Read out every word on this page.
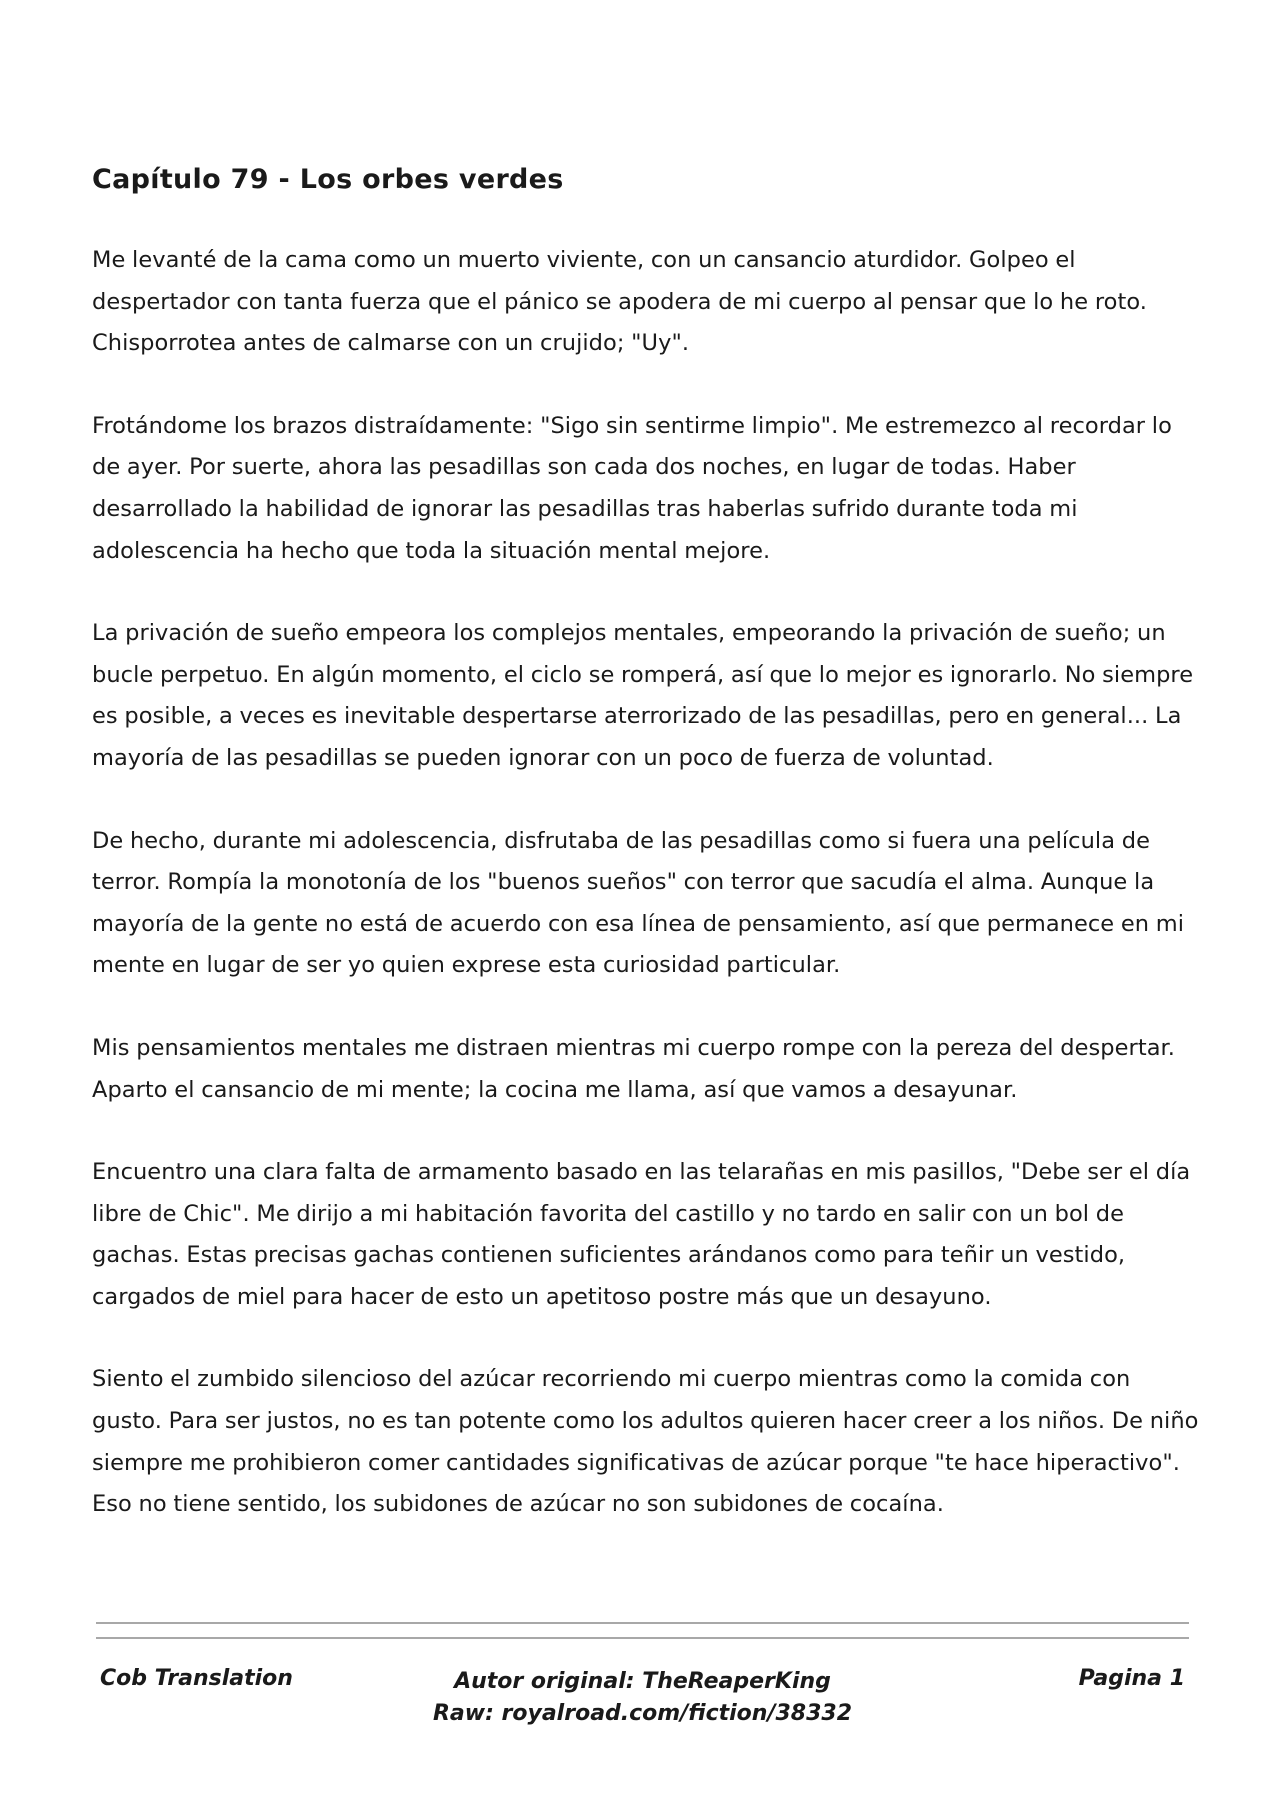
Capítulo 79 - Los orbes verdes

Me levanté de la cama como un muerto viviente, con un cansancio aturdidor. Golpeo el despertador con tanta fuerza que el pánico se apodera de mi cuerpo al pensar que lo he roto. Chisporrotea antes de calmarse con un crujido; "Uy".

Frotándome los brazos distraídamente: "Sigo sin sentirme limpio". Me estremezco al recordar lo de ayer. Por suerte, ahora las pesadillas son cada dos noches, en lugar de todas. Haber desarrollado la habilidad de ignorar las pesadillas tras haberlas sufrido durante toda mi adolescencia ha hecho que toda la situación mental mejore.

La privación de sueño empeora los complejos mentales, empeorando la privación de sueño; un bucle perpetuo. En algún momento, el ciclo se romperá, así que lo mejor es ignorarlo. No siempre es posible, a veces es inevitable despertarse aterrorizado de las pesadillas, pero en general... La mayoría de las pesadillas se pueden ignorar con un poco de fuerza de voluntad.

De hecho, durante mi adolescencia, disfrutaba de las pesadillas como si fuera una película de terror. Rompía la monotonía de los "buenos sueños" con terror que sacudía el alma. Aunque la mayoría de la gente no está de acuerdo con esa línea de pensamiento, así que permanece en mi mente en lugar de ser yo quien exprese esta curiosidad particular.

Mis pensamientos mentales me distraen mientras mi cuerpo rompe con la pereza del despertar. Aparto el cansancio de mi mente; la cocina me llama, así que vamos a desayunar.

Encuentro una clara falta de armamento basado en las telarañas en mis pasillos, "Debe ser el día libre de Chic". Me dirijo a mi habitación favorita del castillo y no tardo en salir con un bol de gachas. Estas precisas gachas contienen suficientes arándanos como para teñir un vestido, cargados de miel para hacer de esto un apetitoso postre más que un desayuno.

Siento el zumbido silencioso del azúcar recorriendo mi cuerpo mientras como la comida con gusto. Para ser justos, no es tan potente como los adultos quieren hacer creer a los niños. De niño siempre me prohibieron comer cantidades significativas de azúcar porque "te hace hiperactivo". Eso no tiene sentido, los subidones de azúcar no son subidones de cocaína.

Cob Translation	Autor original: TheReaperKing
Raw: royalroad.com/fiction/38332
Pagina 1
